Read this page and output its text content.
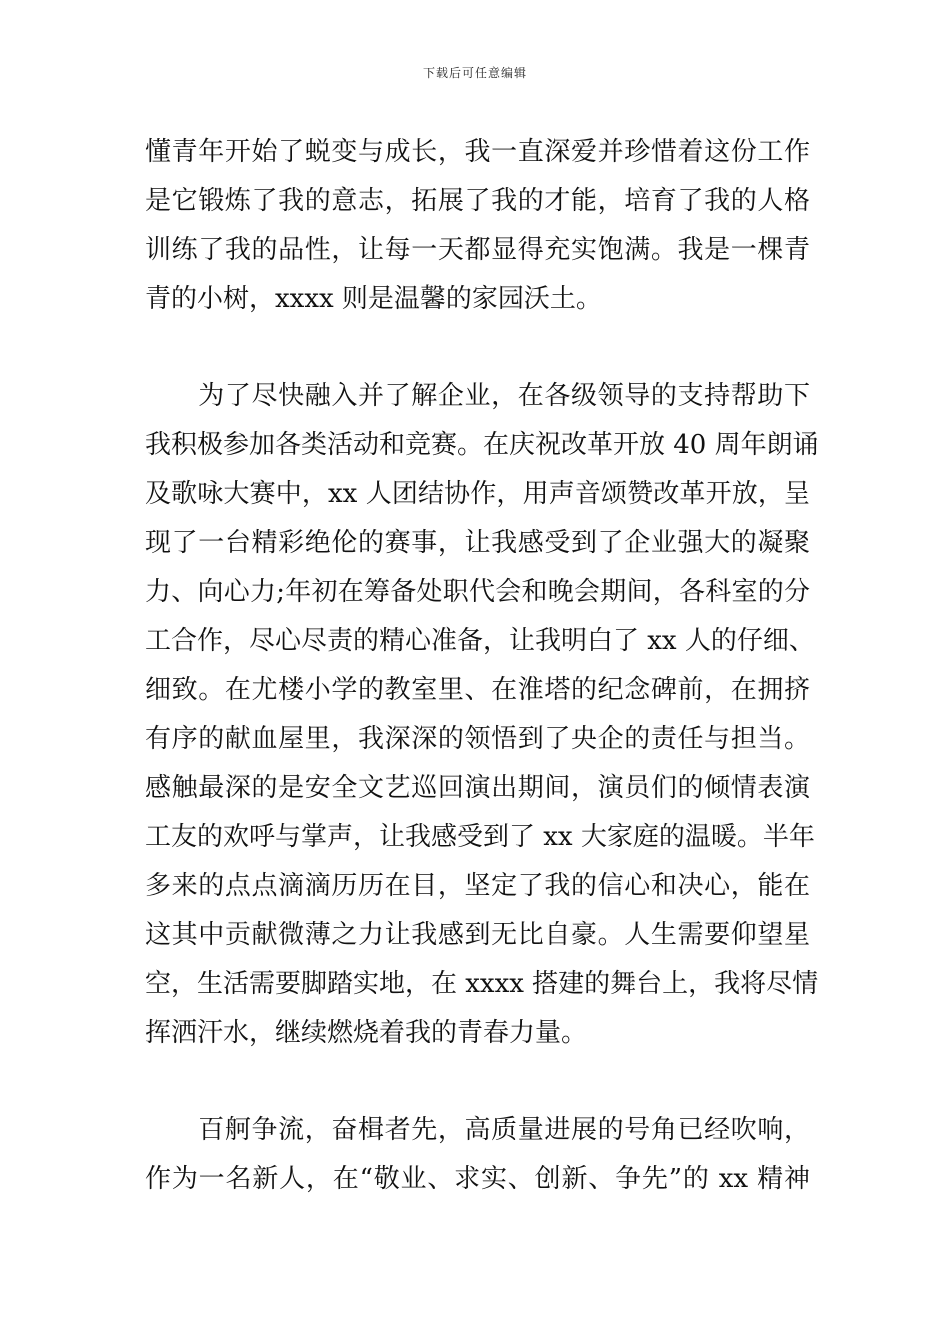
下载后可任意编辑
懂青年开始了蜕变与成长，我一直深爱并珍惜着这份工作
是它锻炼了我的意志，拓展了我的才能，培育了我的人格
训练了我的品性，让每一天都显得充实饱满。我是一棵青
青的小树，xxxx 则是温馨的家园沃土。
　　为了尽快融入并了解企业，在各级领导的支持帮助下
我积极参加各类活动和竞赛。在庆祝改革开放 40 周年朗诵
及歌咏大赛中，xx 人团结协作，用声音颂赞改革开放，呈
现了一台精彩绝伦的赛事，让我感受到了企业强大的凝聚
力、向心力;年初在筹备处职代会和晚会期间，各科室的分
工合作，尽心尽责的精心准备，让我明白了 xx 人的仔细、
细致。在尤楼小学的教室里、在淮塔的纪念碑前，在拥挤
有序的献血屋里，我深深的领悟到了央企的责任与担当。
感触最深的是安全文艺巡回演出期间，演员们的倾情表演
工友的欢呼与掌声，让我感受到了 xx 大家庭的温暖。半年
多来的点点滴滴历历在目，坚定了我的信心和决心，能在
这其中贡献微薄之力让我感到无比自豪。人生需要仰望星
空，生活需要脚踏实地，在 xxxx 搭建的舞台上，我将尽情
挥洒汗水，继续燃烧着我的青春力量。
　　百舸争流，奋楫者先，高质量进展的号角已经吹响，
作为一名新人，在“敬业、求实、创新、争先”的 xx 精神
